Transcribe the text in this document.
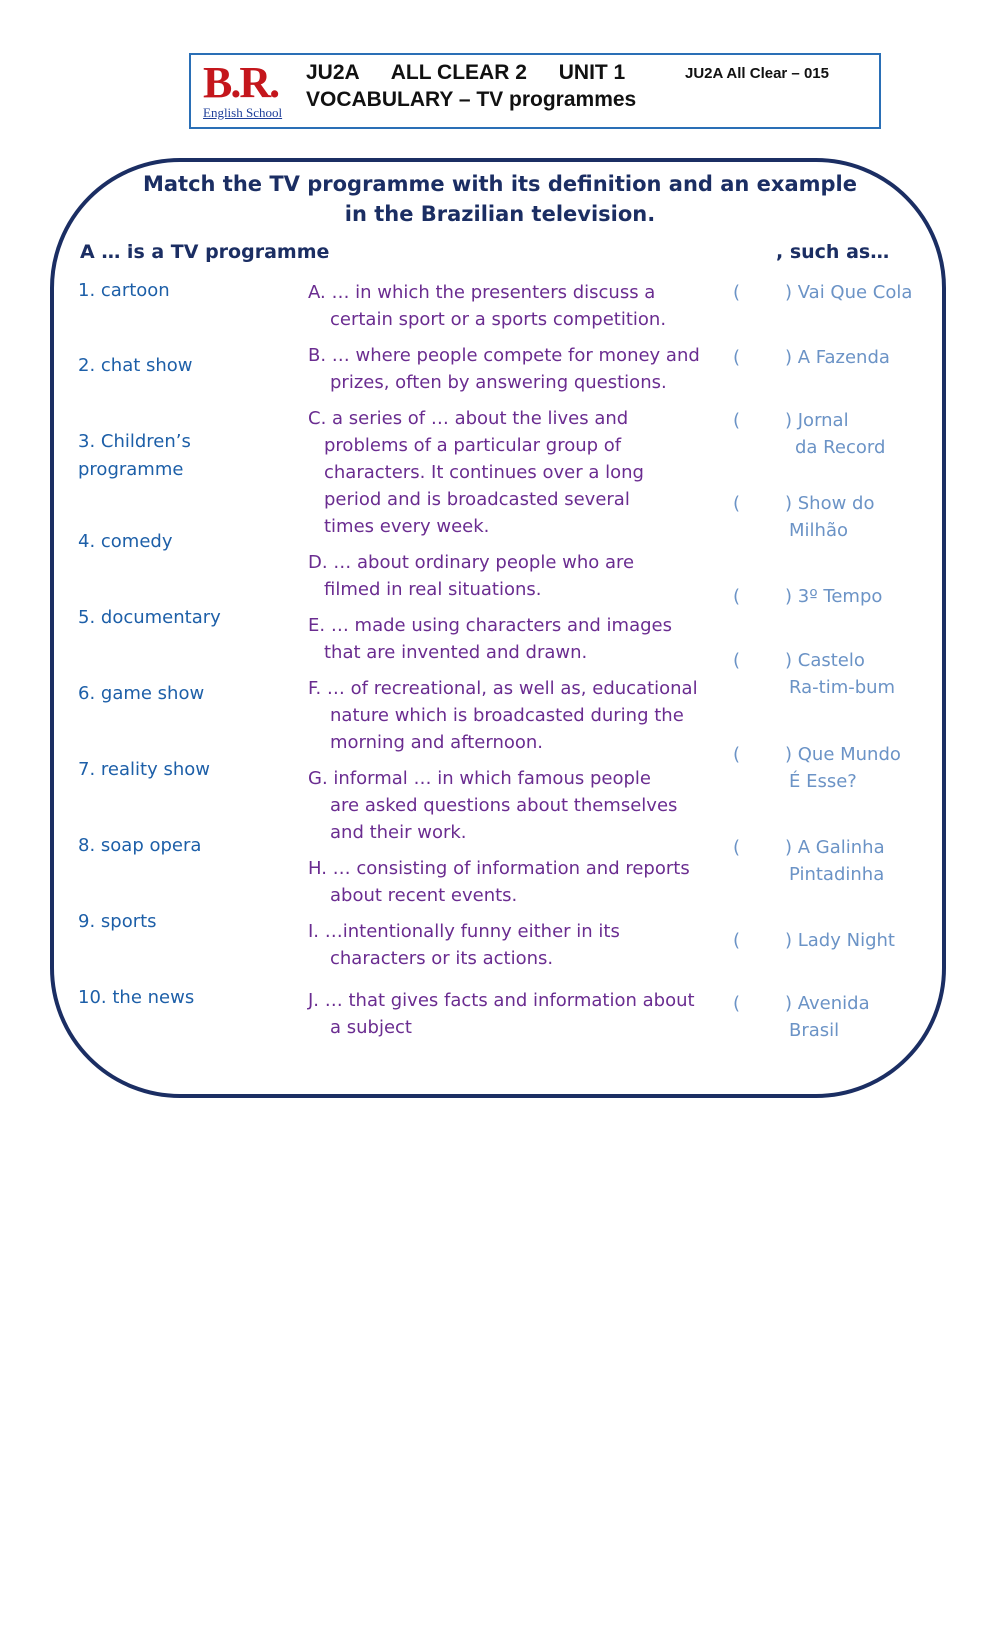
B.R.
English School
JU2A ALL CLEAR 2 UNIT 1	JU2A All Clear – 015
VOCABULARY – TV programmes
Match the TV programme with its definition and an example
in the Brazilian television.
A … is a TV programme	, such as…
1. cartoon
2. chat show
3. Children’s programme
4. comedy
5. documentary
6. game show
7. reality show
8. soap opera
9. sports
10. the news
A. … in which the presenters discuss a
certain sport or a sports competition.
B. … where people compete for money and
prizes, often by answering questions.
C. a series of … about the lives and
problems of a particular group of characters. It continues over a long period and is broadcasted several times every week.
D. … about ordinary people who are
filmed in real situations.
E. … made using characters and images
that are invented and drawn.
F. … of recreational, as well as, educational
nature which is broadcasted during the morning and afternoon.
G. informal … in which famous people
are asked questions about themselves and their work.
H. … consisting of information and reports
about recent events.
I. …intentionally funny either in its
characters or its actions.
J. … that gives facts and information about
a subject
( ) Vai Que Cola
( ) A Fazenda
( ) Jornal
da Record
( ) Show do
Milhão
( ) 3º Tempo
( ) Castelo
Ra-tim-bum
( ) Que Mundo
É Esse?
( ) A Galinha
Pintadinha
( ) Lady Night
( ) Avenida
Brasil
